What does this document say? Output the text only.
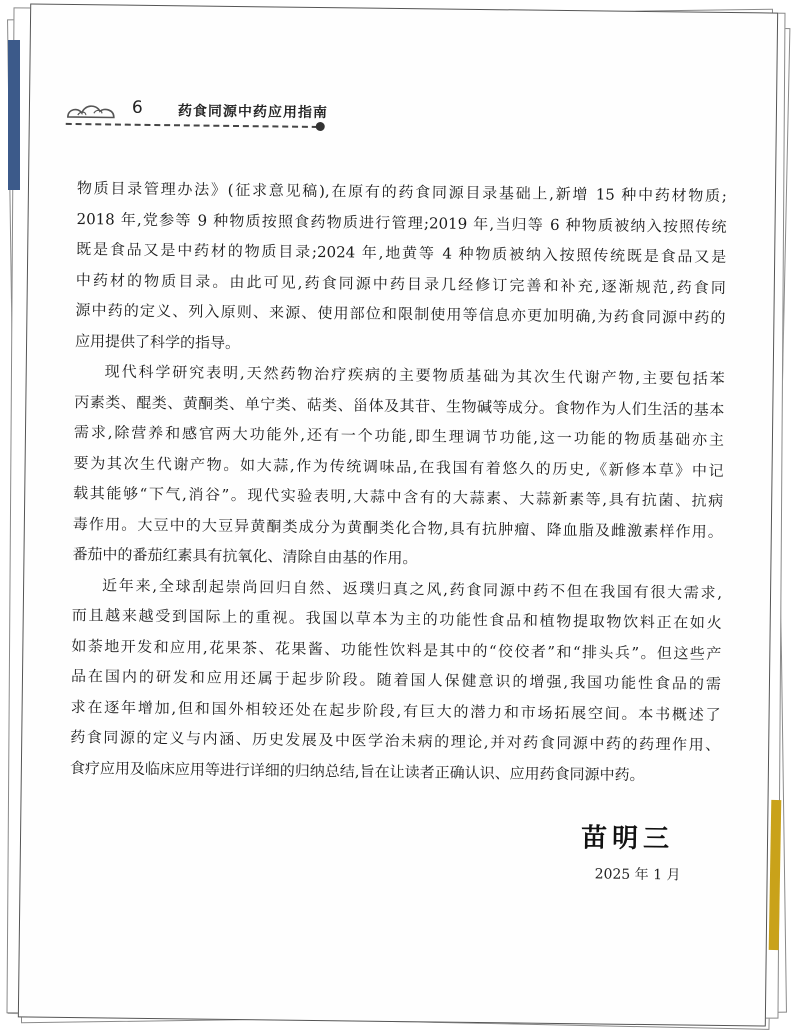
6 药食同源中药应用指南
物质目录管理办法》(征求意见稿),在原有的药食同源目录基础上,新增 15 种中药材物质;
2018 年,党参等 9 种物质按照食药物质进行管理;2019 年,当归等 6 种物质被纳入按照传统
既是食品又是中药材的物质目录;2024 年,地黄等 4 种物质被纳入按照传统既是食品又是
中药材的物质目录。由此可见,药食同源中药目录几经修订完善和补充,逐渐规范,药食同
源中药的定义、列入原则、来源、使用部位和限制使用等信息亦更加明确,为药食同源中药的
应用提供了科学的指导。
现代科学研究表明,天然药物治疗疾病的主要物质基础为其次生代谢产物,主要包括苯
丙素类、醌类、黄酮类、单宁类、萜类、甾体及其苷、生物碱等成分。食物作为人们生活的基本
需求,除营养和感官两大功能外,还有一个功能,即生理调节功能,这一功能的物质基础亦主
要为其次生代谢产物。如大蒜,作为传统调味品,在我国有着悠久的历史,《新修本草》中记
载其能够“下气,消谷”。现代实验表明,大蒜中含有的大蒜素、大蒜新素等,具有抗菌、抗病
毒作用。大豆中的大豆异黄酮类成分为黄酮类化合物,具有抗肿瘤、降血脂及雌激素样作用。
番茄中的番茄红素具有抗氧化、清除自由基的作用。
近年来,全球刮起崇尚回归自然、返璞归真之风,药食同源中药不但在我国有很大需求,
而且越来越受到国际上的重视。我国以草本为主的功能性食品和植物提取物饮料正在如火
如荼地开发和应用,花果茶、花果酱、功能性饮料是其中的“佼佼者”和“排头兵”。但这些产
品在国内的研发和应用还属于起步阶段。随着国人保健意识的增强,我国功能性食品的需
求在逐年增加,但和国外相较还处在起步阶段,有巨大的潜力和市场拓展空间。本书概述了
药食同源的定义与内涵、历史发展及中医学治未病的理论,并对药食同源中药的药理作用、
食疗应用及临床应用等进行详细的归纳总结,旨在让读者正确认识、应用药食同源中药。
苗明三
2025 年 1 月
